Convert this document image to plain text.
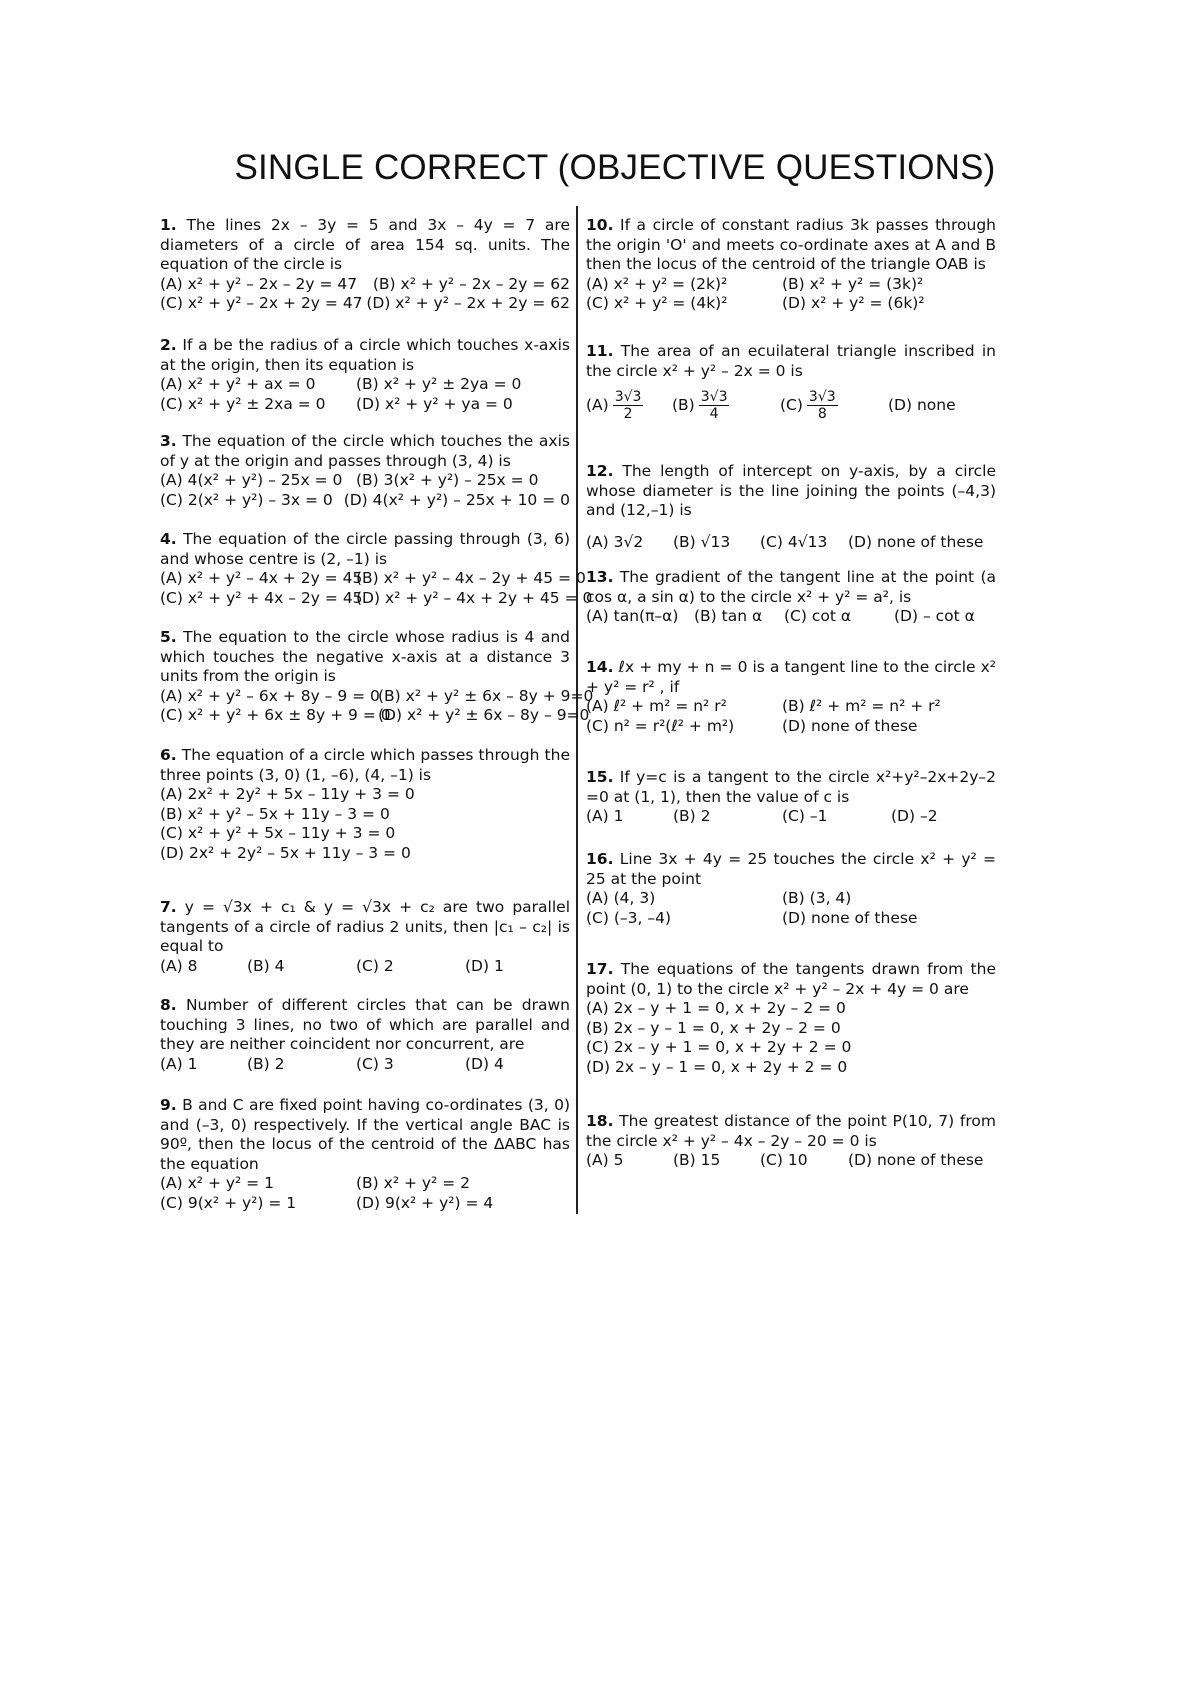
SINGLE CORRECT (OBJECTIVE QUESTIONS)
1. The lines 2x – 3y = 5 and 3x – 4y = 7 are diameters of a circle of area 154 sq. units. The equation of the circle is
(A) x² + y² – 2x – 2y = 47	(B) x² + y² – 2x – 2y = 62
(C) x² + y² – 2x + 2y = 47 (D) x² + y² – 2x + 2y = 62
2. If a be the radius of a circle which touches x-axis at the origin, then its equation is
(A) x² + y² + ax = 0	(B) x² + y² ± 2ya = 0
(C) x² + y² ± 2xa = 0	(D) x² + y² + ya = 0
3. The equation of the circle which touches the axis of y at the origin and passes through (3, 4) is
(A) 4(x² + y²) – 25x = 0 (B) 3(x² + y²) – 25x = 0
(C) 2(x² + y²) – 3x = 0 (D) 4(x² + y²) – 25x + 10 = 0
4. The equation of the circle passing through (3, 6) and whose centre is (2, –1) is
(A) x² + y² – 4x + 2y = 45
(B) x² + y² – 4x – 2y + 45 = 0
(C) x² + y² + 4x – 2y = 45
(D) x² + y² – 4x + 2y + 45 = 0
5. The equation to the circle whose radius is 4 and which touches the negative x-axis at a distance 3 units from the origin is
(A) x² + y² – 6x + 8y – 9 = 0
(B) x² + y² ± 6x – 8y + 9=0
(C) x² + y² + 6x ± 8y + 9 = 0
(D) x² + y² ± 6x – 8y – 9=0
6. The equation of a circle which passes through the three points (3, 0) (1, –6), (4, –1) is
(A) 2x² + 2y² + 5x – 11y + 3 = 0
(B) x² + y² – 5x + 11y – 3 = 0
(C) x² + y² + 5x – 11y + 3 = 0
(D) 2x² + 2y² – 5x + 11y – 3 = 0
7. y = √3x + c₁ & y = √3x + c₂ are two parallel tangents of a circle of radius 2 units, then |c₁ – c₂| is equal to
(A) 8	(B) 4	(C) 2	(D) 1
8. Number of different circles that can be drawn touching 3 lines, no two of which are parallel and they are neither coincident nor concurrent, are
(A) 1	(B) 2	(C) 3	(D) 4
9. B and C are fixed point having co-ordinates (3, 0) and (–3, 0) respectively. If the vertical angle BAC is 90º, then the locus of the centroid of the ΔABC has the equation
(A) x² + y² = 1	(B) x² + y² = 2
(C) 9(x² + y²) = 1	(D) 9(x² + y²) = 4
10. If a circle of constant radius 3k passes through the origin 'O' and meets co-ordinate axes at A and B then the locus of the centroid of the triangle OAB is
(A) x² + y² = (2k)²	(B) x² + y² = (3k)²
(C) x² + y² = (4k)²	(D) x² + y² = (6k)²
11. The area of an ecuilateral triangle inscribed in the circle x² + y² – 2x = 0 is
$(A) \frac{3√3}{2} (B) \frac{3√3}{4}$	$(C) \frac{3√3}{8}$	(D) none
12. The length of intercept on y-axis, by a circle whose diameter is the line joining the points (–4,3) and (12,–1) is
(A) 3√2	(B) √13	(C) 4√13	(D) none of these
13. The gradient of the tangent line at the point (a cos α, a sin α) to the circle x² + y² = a², is
(A) tan(π–α)	(B) tan α	(C) cot α	(D) – cot α
14. ℓx + my + n = 0 is a tangent line to the circle x² + y² = r² , if
(A) ℓ² + m² = n² r²	(B) ℓ² + m² = n² + r²
(C) n² = r²(ℓ² + m²)	(D) none of these
15. If y=c is a tangent to the circle x²+y²–2x+2y–2 =0 at (1, 1), then the value of c is
(A) 1	(B) 2	(C) –1	(D) –2
16. Line 3x + 4y = 25 touches the circle x² + y² = 25 at the point
(A) (4, 3)	(B) (3, 4)
(C) (–3, –4)	(D) none of these
17. The equations of the tangents drawn from the point (0, 1) to the circle x² + y² – 2x + 4y = 0 are
(A) 2x – y + 1 = 0, x + 2y – 2 = 0
(B) 2x – y – 1 = 0, x + 2y – 2 = 0
(C) 2x – y + 1 = 0, x + 2y + 2 = 0
(D) 2x – y – 1 = 0, x + 2y + 2 = 0
18. The greatest distance of the point P(10, 7) from the circle x² + y² – 4x – 2y – 20 = 0 is
(A) 5	(B) 15	(C) 10	(D) none of these
